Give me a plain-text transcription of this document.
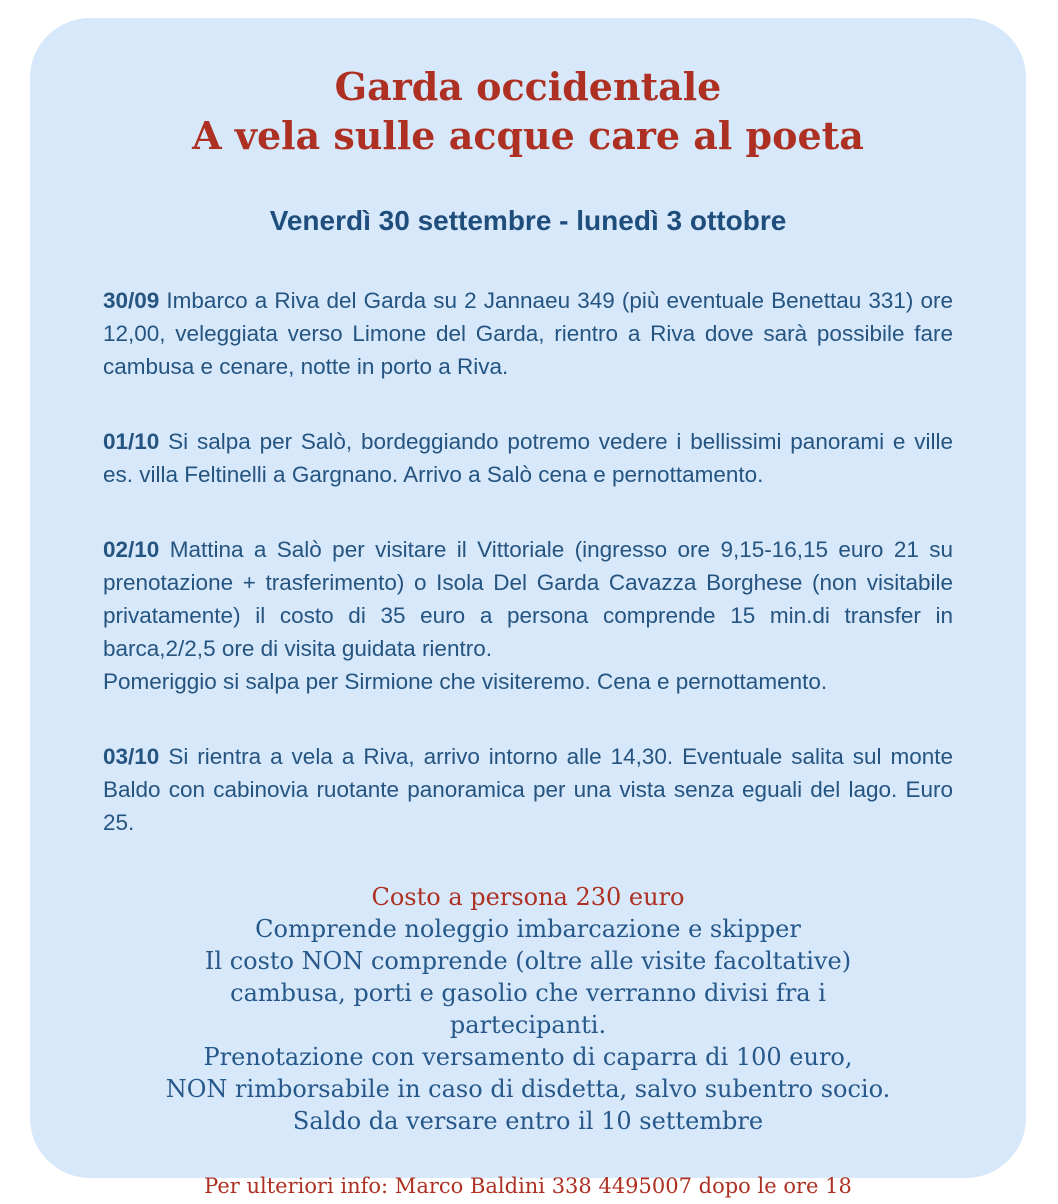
Garda occidentale
A vela sulle acque care al poeta
Venerdì 30 settembre - lunedì 3 ottobre

30/09 Imbarco a Riva del Garda su 2 Jannaeu 349 (più eventuale Benettau 331) ore 12,00, veleggiata verso Limone del Garda, rientro a Riva dove sarà possibile fare cambusa e cenare, notte in porto a Riva.

01/10 Si salpa per Salò, bordeggiando potremo vedere i bellissimi panorami e ville es. villa Feltinelli a Gargnano. Arrivo a Salò cena e pernottamento.

02/10 Mattina a Salò per visitare il Vittoriale (ingresso ore 9,15-16,15 euro 21 su prenotazione + trasferimento) o Isola Del Garda Cavazza Borghese (non visitabile privatamente) il costo di 35 euro a persona comprende 15 min.di transfer in barca,2/2,5 ore di visita guidata rientro.
Pomeriggio si salpa per Sirmione che visiteremo. Cena e pernottamento.

03/10 Si rientra a vela a Riva, arrivo intorno alle 14,30. Eventuale salita sul monte Baldo con cabinovia ruotante panoramica per una vista senza eguali del lago. Euro 25.

Costo a persona 230 euro
Comprende noleggio imbarcazione e skipper
Il costo NON comprende (oltre alle visite facoltative)
cambusa, porti e gasolio che verranno divisi fra i
partecipanti.
Prenotazione con versamento di caparra di 100 euro,
NON rimborsabile in caso di disdetta, salvo subentro socio.
Saldo da versare entro il 10 settembre
Per ulteriori info: Marco Baldini 338 4495007 dopo le ore 18
